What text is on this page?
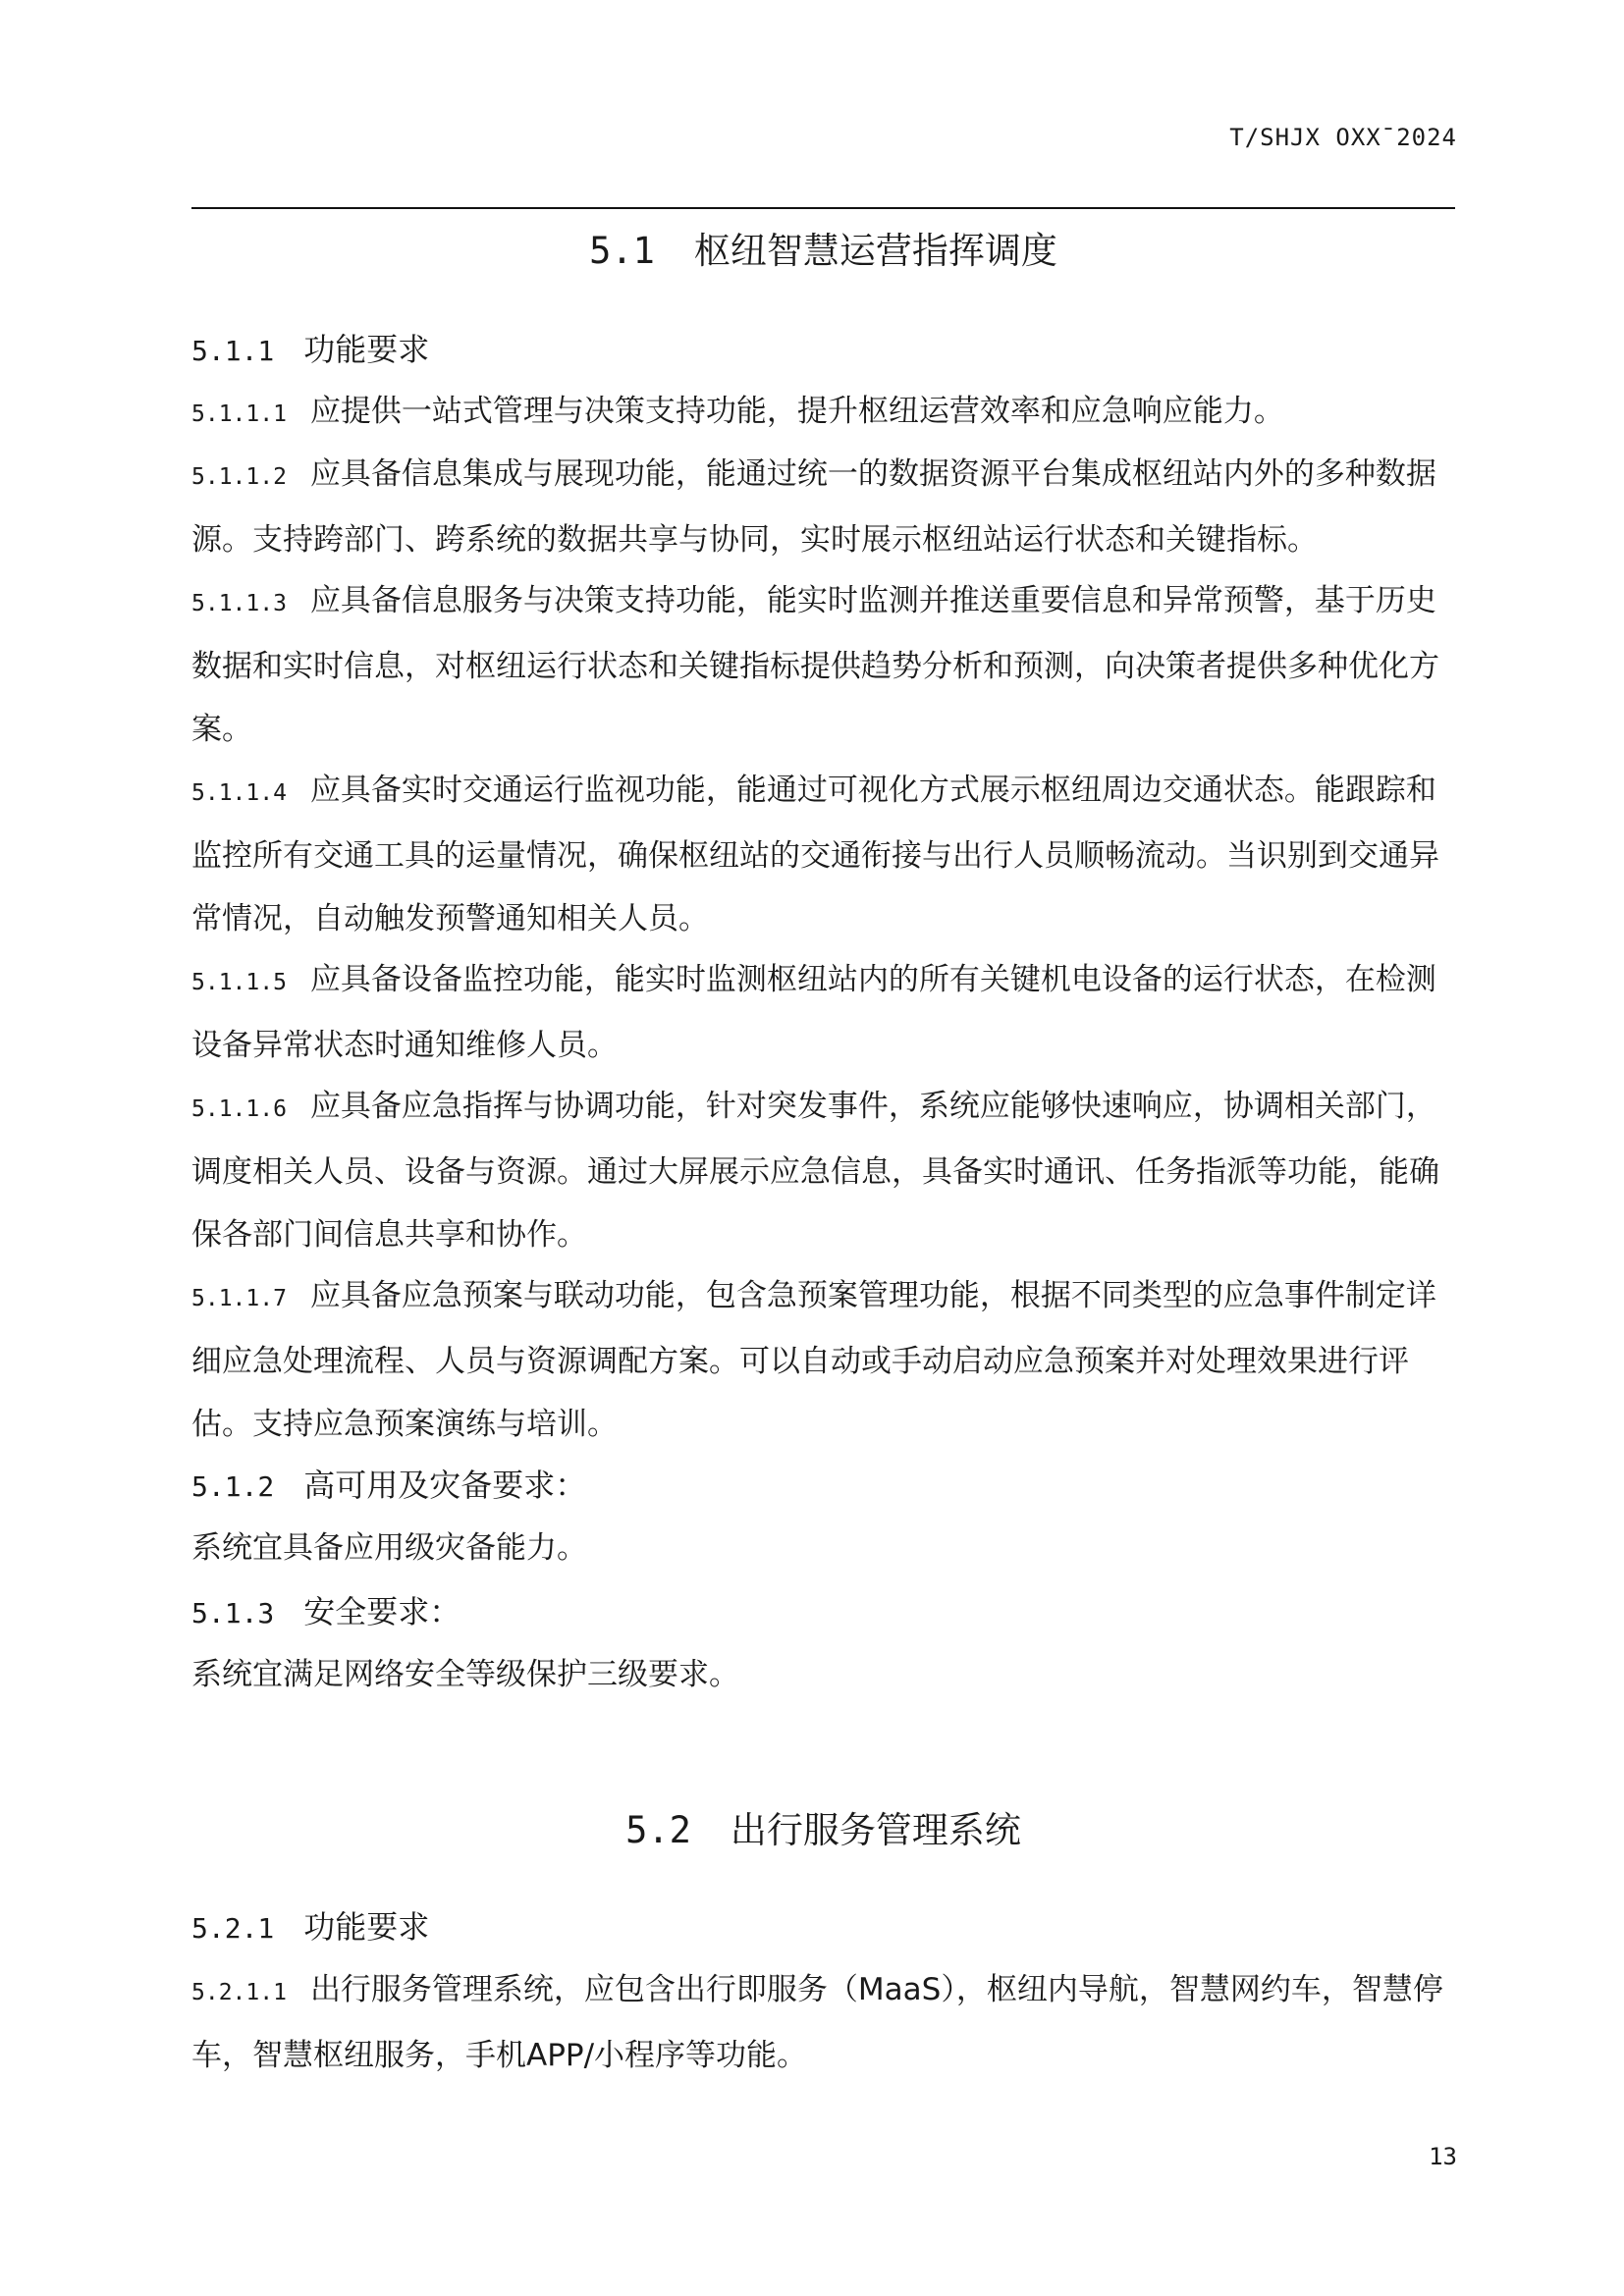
T/SHJX OXX¯2024
5.1 枢纽智慧运营指挥调度
5.1.1 功能要求
5.1.1.1 应提供一站式管理与决策支持功能，提升枢纽运营效率和应急响应能力。
5.1.1.2 应具备信息集成与展现功能，能通过统一的数据资源平台集成枢纽站内外的多种数据源。支持跨部门、跨系统的数据共享与协同，实时展示枢纽站运行状态和关键指标。
5.1.1.3 应具备信息服务与决策支持功能，能实时监测并推送重要信息和异常预警，基于历史数据和实时信息，对枢纽运行状态和关键指标提供趋势分析和预测，向决策者提供多种优化方案。
5.1.1.4 应具备实时交通运行监视功能，能通过可视化方式展示枢纽周边交通状态。能跟踪和监控所有交通工具的运量情况，确保枢纽站的交通衔接与出行人员顺畅流动。当识别到交通异常情况，自动触发预警通知相关人员。
5.1.1.5 应具备设备监控功能，能实时监测枢纽站内的所有关键机电设备的运行状态，在检测设备异常状态时通知维修人员。
5.1.1.6 应具备应急指挥与协调功能，针对突发事件，系统应能够快速响应，协调相关部门，调度相关人员、设备与资源。通过大屏展示应急信息，具备实时通讯、任务指派等功能，能确保各部门间信息共享和协作。
5.1.1.7 应具备应急预案与联动功能，包含急预案管理功能，根据不同类型的应急事件制定详细应急处理流程、人员与资源调配方案。可以自动或手动启动应急预案并对处理效果进行评估。支持应急预案演练与培训。
5.1.2 高可用及灾备要求：
系统宜具备应用级灾备能力。
5.1.3 安全要求：
系统宜满足网络安全等级保护三级要求。
5.2 出行服务管理系统
5.2.1 功能要求
5.2.1.1 出行服务管理系统，应包含出行即服务（MaaS），枢纽内导航，智慧网约车，智慧停车，智慧枢纽服务，手机APP/小程序等功能。
13
